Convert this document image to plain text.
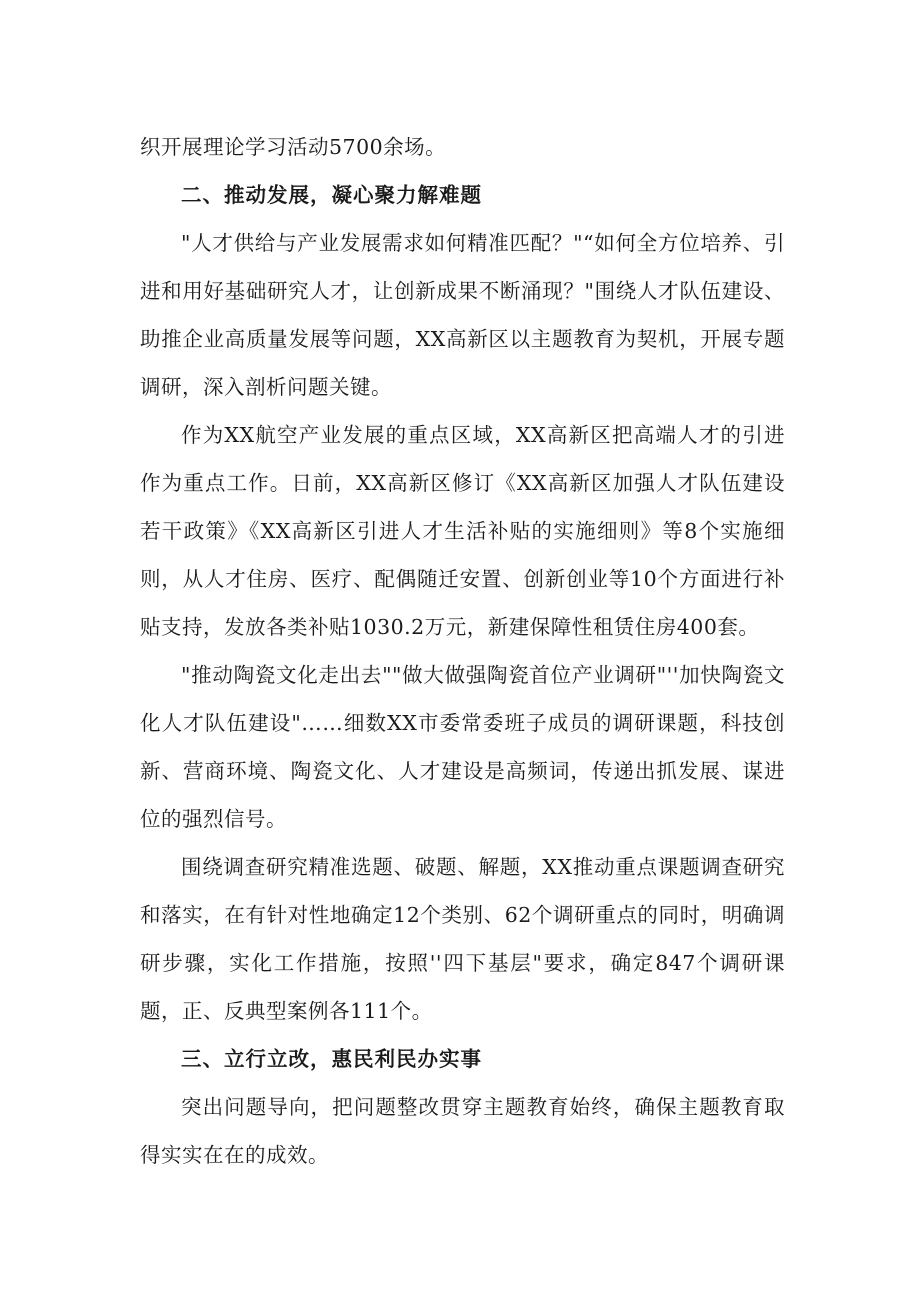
织开展理论学习活动5700余场。

二、推动发展，凝心聚力解难题

"人才供给与产业发展需求如何精准匹配？"“如何全方位培养、引进和用好基础研究人才，让创新成果不断涌现？"围绕人才队伍建设、助推企业高质量发展等问题，XX高新区以主题教育为契机，开展专题调研，深入剖析问题关键。

作为XX航空产业发展的重点区域，XX高新区把高端人才的引进作为重点工作。日前，XX高新区修订《XX高新区加强人才队伍建设若干政策》《XX高新区引进人才生活补贴的实施细则》等8个实施细则，从人才住房、医疗、配偶随迁安置、创新创业等10个方面进行补贴支持，发放各类补贴1030.2万元，新建保障性租赁住房400套。

"推动陶瓷文化走出去""做大做强陶瓷首位产业调研"''加快陶瓷文化人才队伍建设"……细数XX市委常委班子成员的调研课题，科技创新、营商环境、陶瓷文化、人才建设是高频词，传递出抓发展、谋进位的强烈信号。

围绕调查研究精准选题、破题、解题，XX推动重点课题调查研究和落实，在有针对性地确定12个类别、62个调研重点的同时，明确调研步骤，实化工作措施，按照''四下基层"要求，确定847个调研课题，正、反典型案例各111个。

三、立行立改，惠民利民办实事

突出问题导向，把问题整改贯穿主题教育始终，确保主题教育取得实实在在的成效。
